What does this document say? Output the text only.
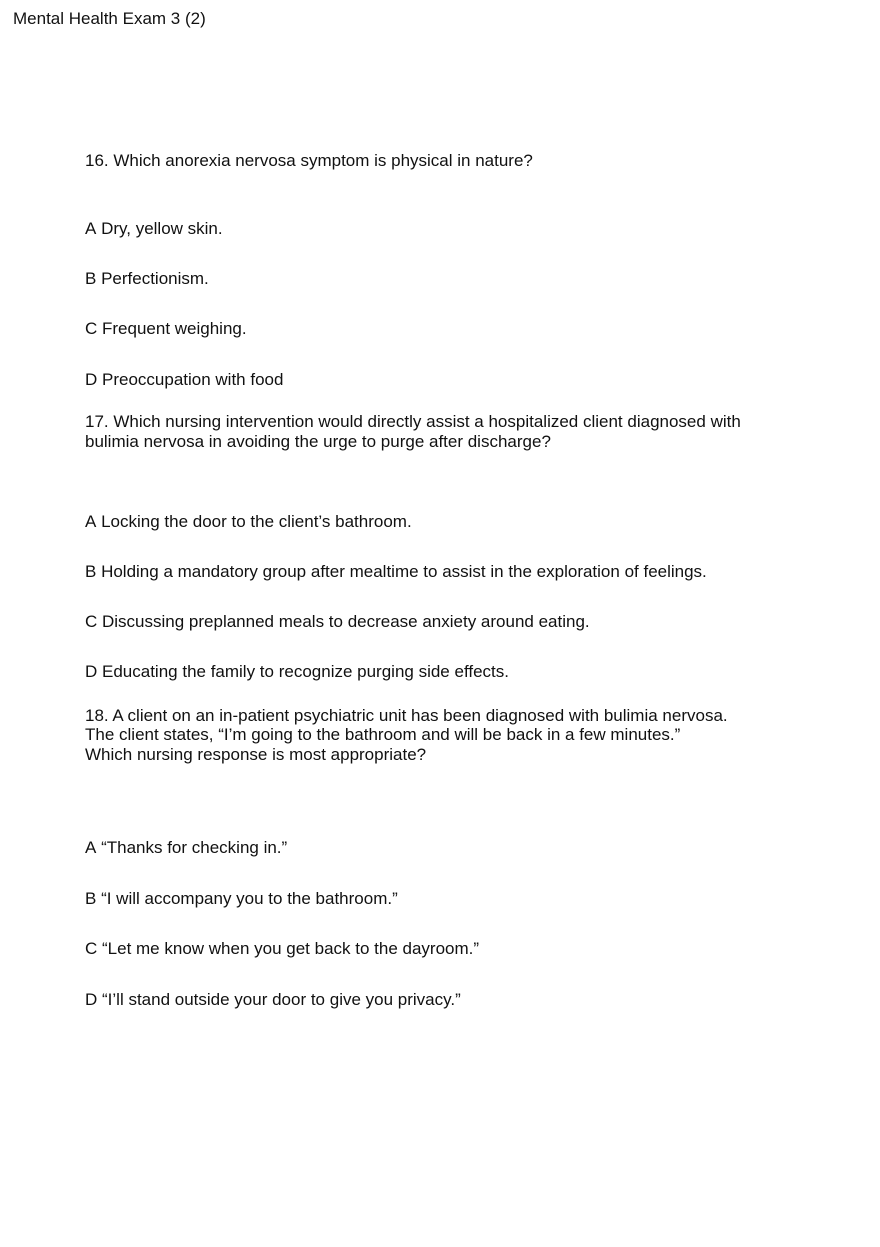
Mental Health Exam 3 (2)
16. Which anorexia nervosa symptom is physical in nature?
A Dry, yellow skin.
B Perfectionism.
C Frequent weighing.
D Preoccupation with food
17. Which nursing intervention would directly assist a hospitalized client diagnosed with
bulimia nervosa in avoiding the urge to purge after discharge?
A Locking the door to the client’s bathroom.
B Holding a mandatory group after mealtime to assist in the exploration of feelings.
C Discussing preplanned meals to decrease anxiety around eating.
D Educating the family to recognize purging side effects.
18. A client on an in-patient psychiatric unit has been diagnosed with bulimia nervosa.
The client states, “I’m going to the bathroom and will be back in a few minutes.”
Which nursing response is most appropriate?
A “Thanks for checking in.”
B “I will accompany you to the bathroom.”
C “Let me know when you get back to the dayroom.”
D “I’ll stand outside your door to give you privacy.”
